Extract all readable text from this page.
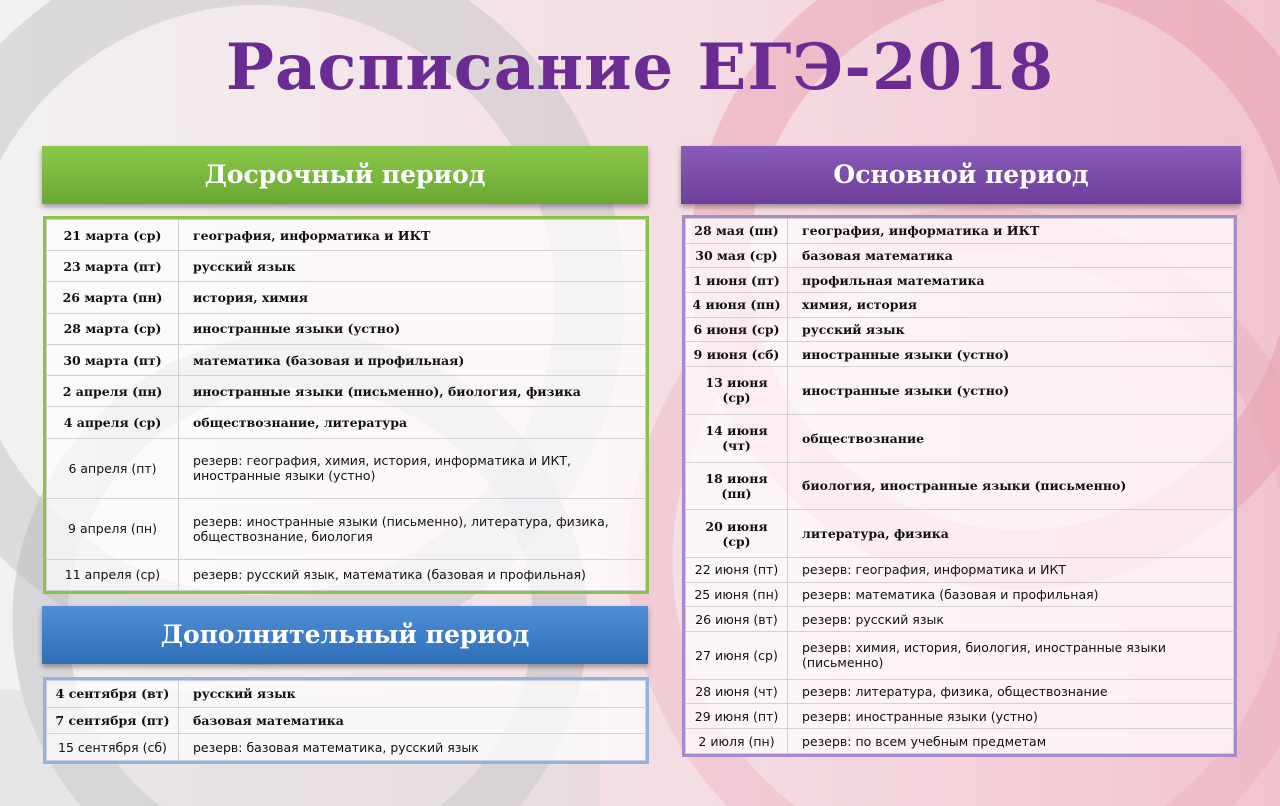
Расписание ЕГЭ-2018
Досрочный период
21 марта (ср)	география, информатика и ИКТ
23 марта (пт)	русский язык
26 марта (пн)	история, химия
28 марта (ср)	иностранные языки (устно)
30 марта (пт)	математика (базовая и профильная)
2 апреля (пн)	иностранные языки (письменно), биология, физика
4 апреля (ср)	обществознание, литература
6 апреля (пт)	резерв: география, химия, история, информатика и ИКТ, иностранные языки (устно)
9 апреля (пн)	резерв: иностранные языки (письменно), литература, физика, обществознание, биология
11 апреля (ср)	резерв: русский язык, математика (базовая и профильная)
Дополнительный период
4 сентября (вт)	русский язык
7 сентября (пт)	базовая математика
15 сентября (сб)	резерв: базовая математика, русский язык
Основной период
28 мая (пн)	география, информатика и ИКТ
30 мая (ср)	базовая математика
1 июня (пт)	профильная математика
4 июня (пн)	химия, история
6 июня (ср)	русский язык
9 июня (сб)	иностранные языки (устно)
13 июня (ср)	иностранные языки (устно)
14 июня (чт)	обществознание
18 июня (пн)	биология, иностранные языки (письменно)
20 июня (ср)	литература, физика
22 июня (пт)	резерв: география, информатика и ИКТ
25 июня (пн)	резерв: математика (базовая и профильная)
26 июня (вт)	резерв: русский язык
27 июня (ср)	резерв: химия, история, биология, иностранные языки (письменно)
28 июня (чт)	резерв: литература, физика, обществознание
29 июня (пт)	резерв: иностранные языки (устно)
2 июля (пн)	резерв: по всем учебным предметам
